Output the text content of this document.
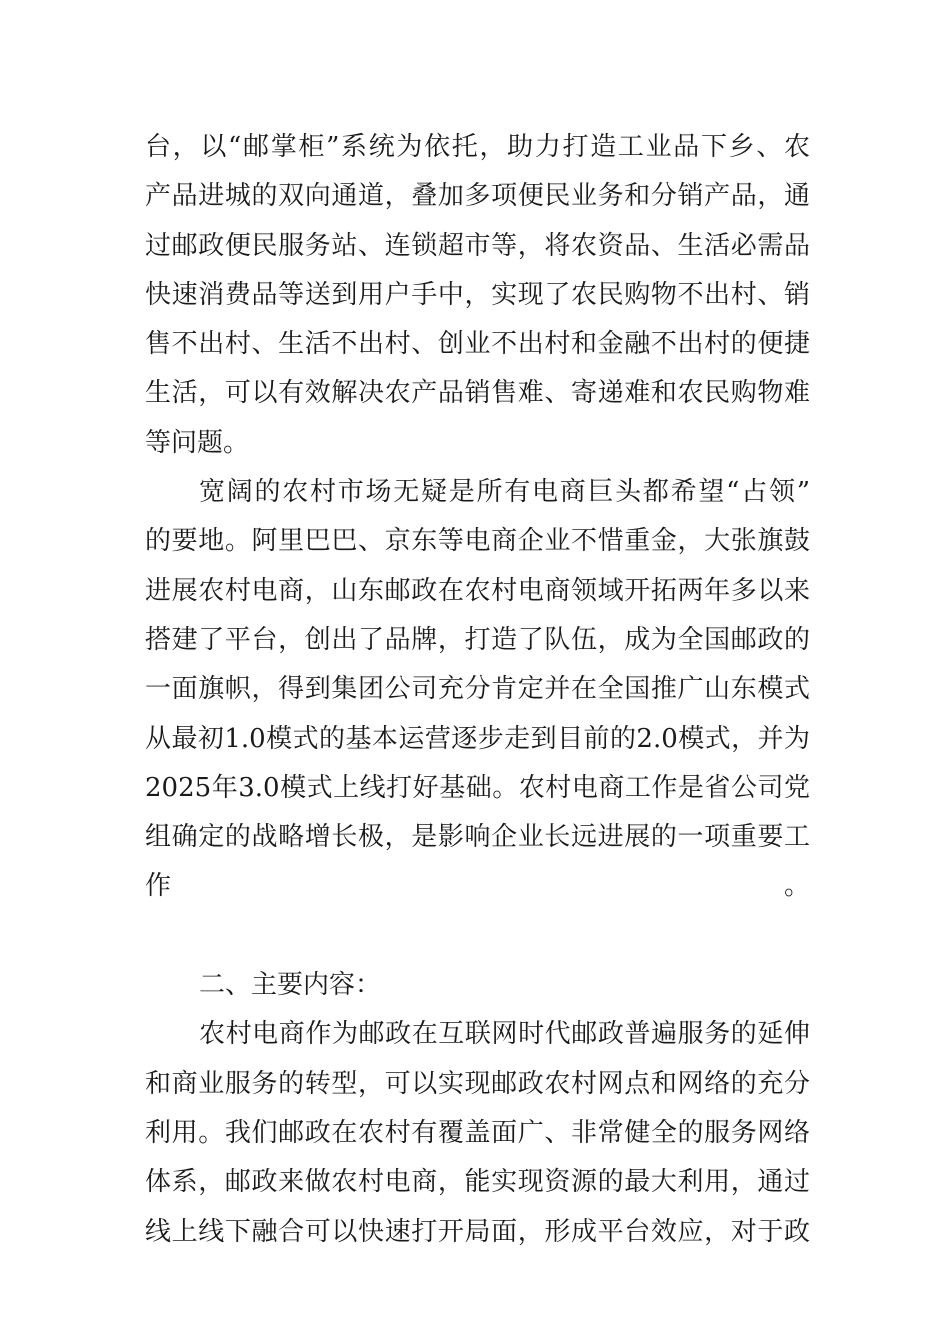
台，以“邮掌柜”系统为依托，助力打造工业品下乡、农
产品进城的双向通道，叠加多项便民业务和分销产品，通
过邮政便民服务站、连锁超市等，将农资品、生活必需品
快速消费品等送到用户手中，实现了农民购物不出村、销
售不出村、生活不出村、创业不出村和金融不出村的便捷
生活，可以有效解决农产品销售难、寄递难和农民购物难
等问题。
宽阔的农村市场无疑是所有电商巨头都希望“占领”
的要地。阿里巴巴、京东等电商企业不惜重金，大张旗鼓
进展农村电商，山东邮政在农村电商领域开拓两年多以来
搭建了平台，创出了品牌，打造了队伍，成为全国邮政的
一面旗帜，得到集团公司充分肯定并在全国推广山东模式
从最初1.0模式的基本运营逐步走到目前的2.0模式，并为
2025年3.0模式上线打好基础。农村电商工作是省公司党
组确定的战略增长极，是影响企业长远进展的一项重要工
作。
二、主要内容：
农村电商作为邮政在互联网时代邮政普遍服务的延伸
和商业服务的转型，可以实现邮政农村网点和网络的充分
利用。我们邮政在农村有覆盖面广、非常健全的服务网络
体系，邮政来做农村电商，能实现资源的最大利用，通过
线上线下融合可以快速打开局面，形成平台效应，对于政
